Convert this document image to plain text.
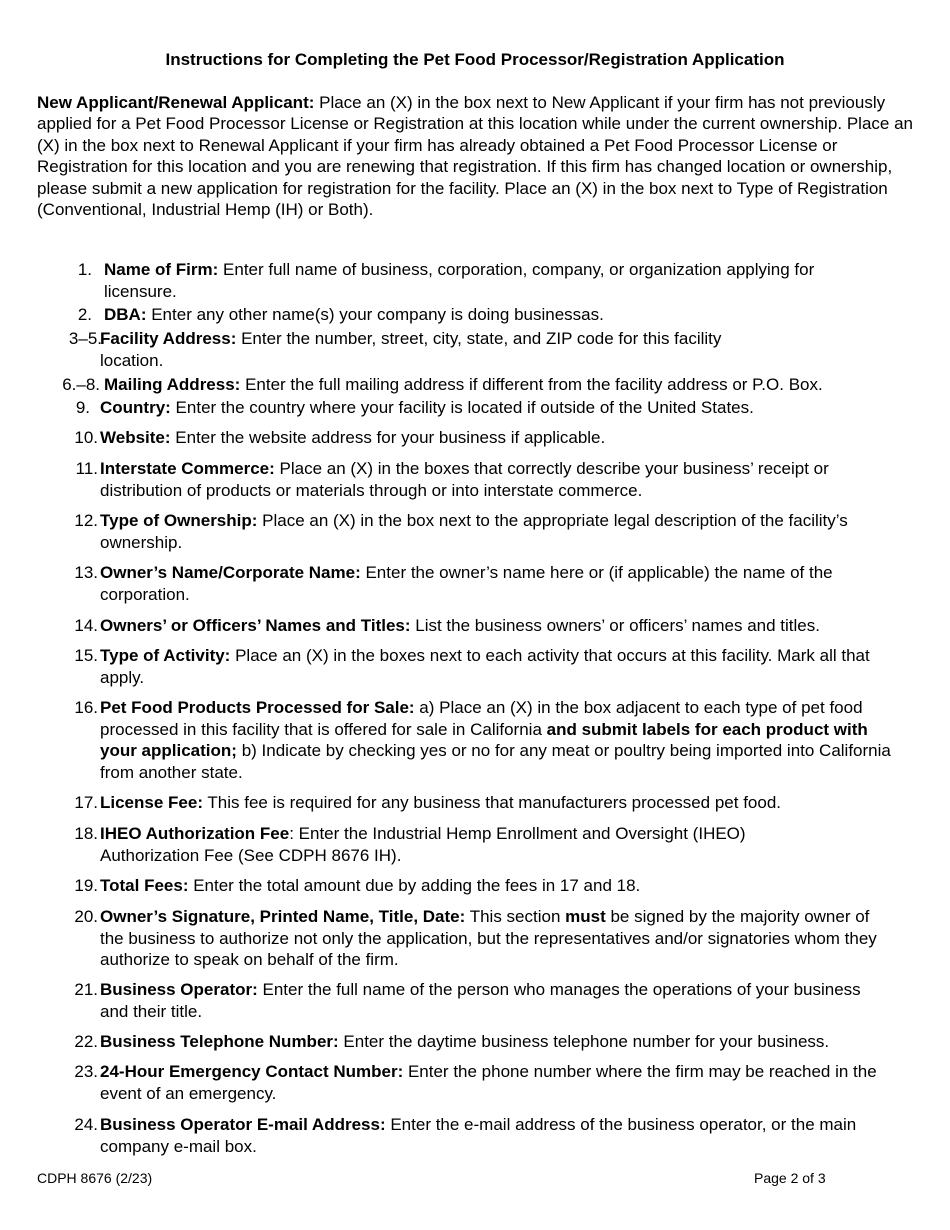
Instructions for Completing the Pet Food Processor/Registration Application
New Applicant/Renewal Applicant: Place an (X) in the box next to New Applicant if your firm has not previously applied for a Pet Food Processor License or Registration at this location while under the current ownership. Place an (X) in the box next to Renewal Applicant if your firm has already obtained a Pet Food Processor License or Registration for this location and you are renewing that registration. If this firm has changed location or ownership, please submit a new application for registration for the facility. Place an (X) in the box next to Type of Registration (Conventional, Industrial Hemp (IH) or Both).
1. Name of Firm: Enter full name of business, corporation, company, or organization applying for licensure.
2. DBA: Enter any other name(s) your company is doing businessas.
3–5.
Facility Address: Enter the number, street, city, state, and ZIP code for this facility location.
6.–8. Mailing Address: Enter the full mailing address if different from the facility address or P.O. Box.
9. Country: Enter the country where your facility is located if outside of the United States.
10. Website: Enter the website address for your business if applicable.
11. Interstate Commerce: Place an (X) in the boxes that correctly describe your business’ receipt or distribution of products or materials through or into interstate commerce.
12. Type of Ownership: Place an (X) in the box next to the appropriate legal description of the facility’s ownership.
13. Owner’s Name/Corporate Name: Enter the owner’s name here or (if applicable) the name of the corporation.
14. Owners’ or Officers’ Names and Titles: List the business owners’ or officers’ names and titles.
15. Type of Activity: Place an (X) in the boxes next to each activity that occurs at this facility. Mark all that apply.
16. Pet Food Products Processed for Sale: a) Place an (X) in the box adjacent to each type of pet food processed in this facility that is offered for sale in California and submit labels for each product with your application; b) Indicate by checking yes or no for any meat or poultry being imported into California from another state.
17. License Fee: This fee is required for any business that manufacturers processed pet food.
18. IHEO Authorization Fee: Enter the Industrial Hemp Enrollment and Oversight (IHEO) Authorization Fee (See CDPH 8676 IH).
19. Total Fees: Enter the total amount due by adding the fees in 17 and 18.
20. Owner’s Signature, Printed Name, Title, Date: This section must be signed by the majority owner of the business to authorize not only the application, but the representatives and/or signatories whom they authorize to speak on behalf of the firm.
21. Business Operator: Enter the full name of the person who manages the operations of your business and their title.
22. Business Telephone Number: Enter the daytime business telephone number for your business.
23. 24-Hour Emergency Contact Number: Enter the phone number where the firm may be reached in the event of an emergency.
24. Business Operator E-mail Address: Enter the e-mail address of the business operator, or the main company e-mail box.
CDPH 8676 (2/23)	Page 2 of 3
